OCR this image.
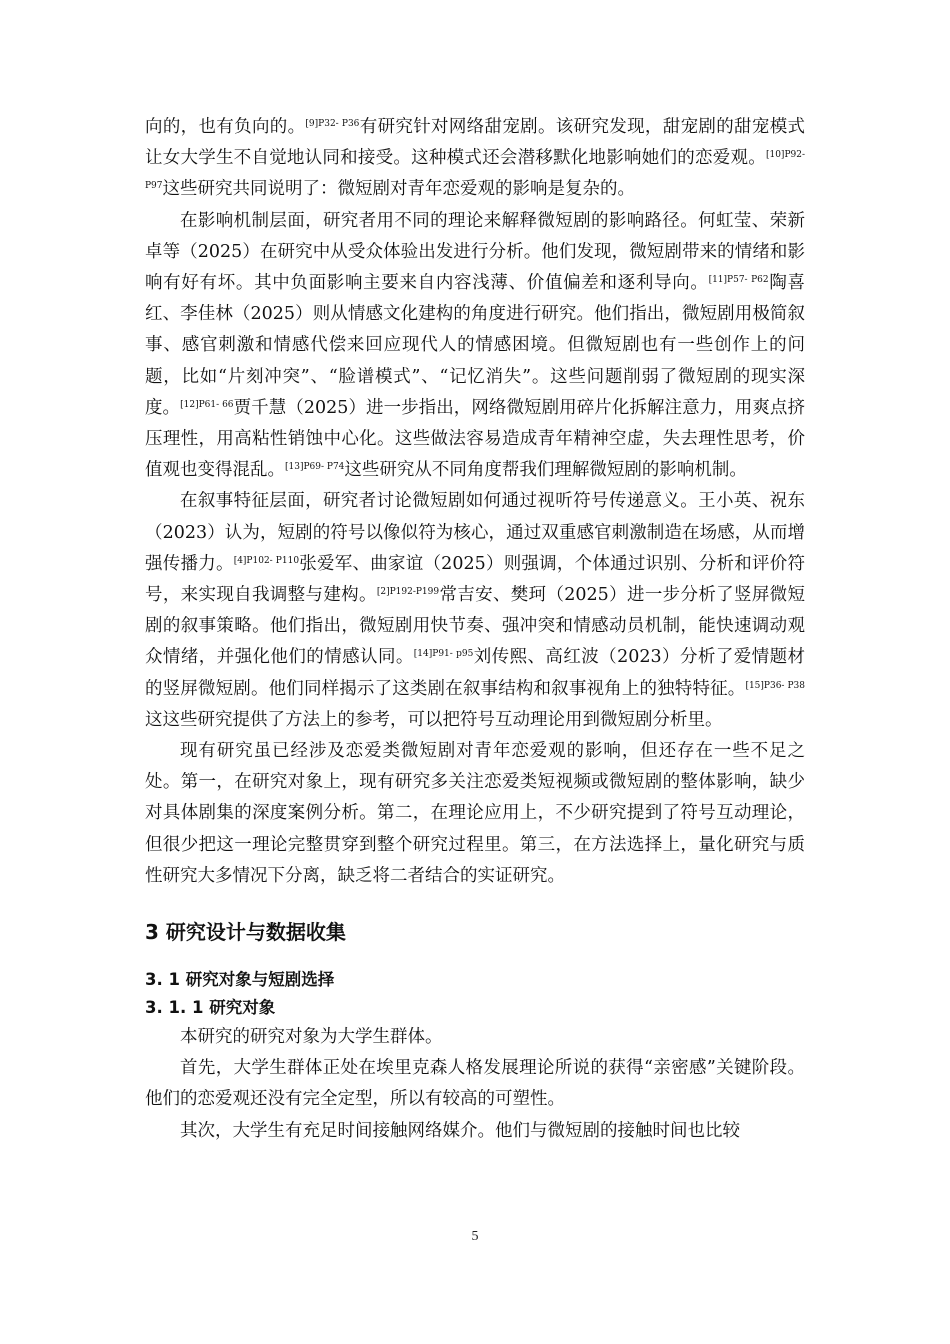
向的，也有负向的。$^{[9]P32- P36}$有研究针对网络甜宠剧。该研究发现，甜宠剧的甜宠模式让女大学生不自觉地认同和接受。这种模式还会潜移默化地影响她们的恋爱观。$^{[10]P92- P97}$这些研究共同说明了：微短剧对青年恋爱观的影响是复杂的。

在影响机制层面，研究者用不同的理论来解释微短剧的影响路径。何虹莹、荣新卓等（2025）在研究中从受众体验出发进行分析。他们发现，微短剧带来的情绪和影响有好有坏。其中负面影响主要来自内容浅薄、价值偏差和逐利导向。$^{[11]P57- P62}$陶喜红、李佳林（2025）则从情感文化建构的角度进行研究。他们指出，微短剧用极简叙事、感官刺激和情感代偿来回应现代人的情感困境。但微短剧也有一些创作上的问题，比如“片刻冲突”、“脸谱模式”、“记忆消失”。这些问题削弱了微短剧的现实深度。$^{[12]P61- 66}$贾千慧（2025）进一步指出，网络微短剧用碎片化拆解注意力，用爽点挤压理性，用高粘性销蚀中心化。这些做法容易造成青年精神空虚，失去理性思考，价值观也变得混乱。$^{[13]P69- P74}$这些研究从不同角度帮我们理解微短剧的影响机制。

在叙事特征层面，研究者讨论微短剧如何通过视听符号传递意义。王小英、祝东（2023）认为，短剧的符号以像似符为核心，通过双重感官刺激制造在场感，从而增强传播力。$^{[4]P102- P110}$张爱军、曲家谊（2025）则强调，个体通过识别、分析和评价符号，来实现自我调整与建构。$^{[2]P192-P199}$常吉安、樊珂（2025）进一步分析了竖屏微短剧的叙事策略。他们指出，微短剧用快节奏、强冲突和情感动员机制，能快速调动观众情绪，并强化他们的情感认同。$^{[14]P91- p95}$刘传熙、高红波（2023）分析了爱情题材的竖屏微短剧。他们同样揭示了这类剧在叙事结构和叙事视角上的独特特征。$^{[15]P36- P38}$这这些研究提供了方法上的参考，可以把符号互动理论用到微短剧分析里。

现有研究虽已经涉及恋爱类微短剧对青年恋爱观的影响，但还存在一些不足之处。第一，在研究对象上，现有研究多关注恋爱类短视频或微短剧的整体影响，缺少对具体剧集的深度案例分析。第二，在理论应用上，不少研究提到了符号互动理论，但很少把这一理论完整贯穿到整个研究过程里。第三，在方法选择上，量化研究与质性研究大多情况下分离，缺乏将二者结合的实证研究。

3 研究设计与数据收集
3. 1 研究对象与短剧选择
3. 1. 1 研究对象

本研究的研究对象为大学生群体。

首先，大学生群体正处在埃里克森人格发展理论所说的获得“亲密感”关键阶段。他们的恋爱观还没有完全定型，所以有较高的可塑性。

其次，大学生有充足时间接触网络媒介。他们与微短剧的接触时间也比较

5
